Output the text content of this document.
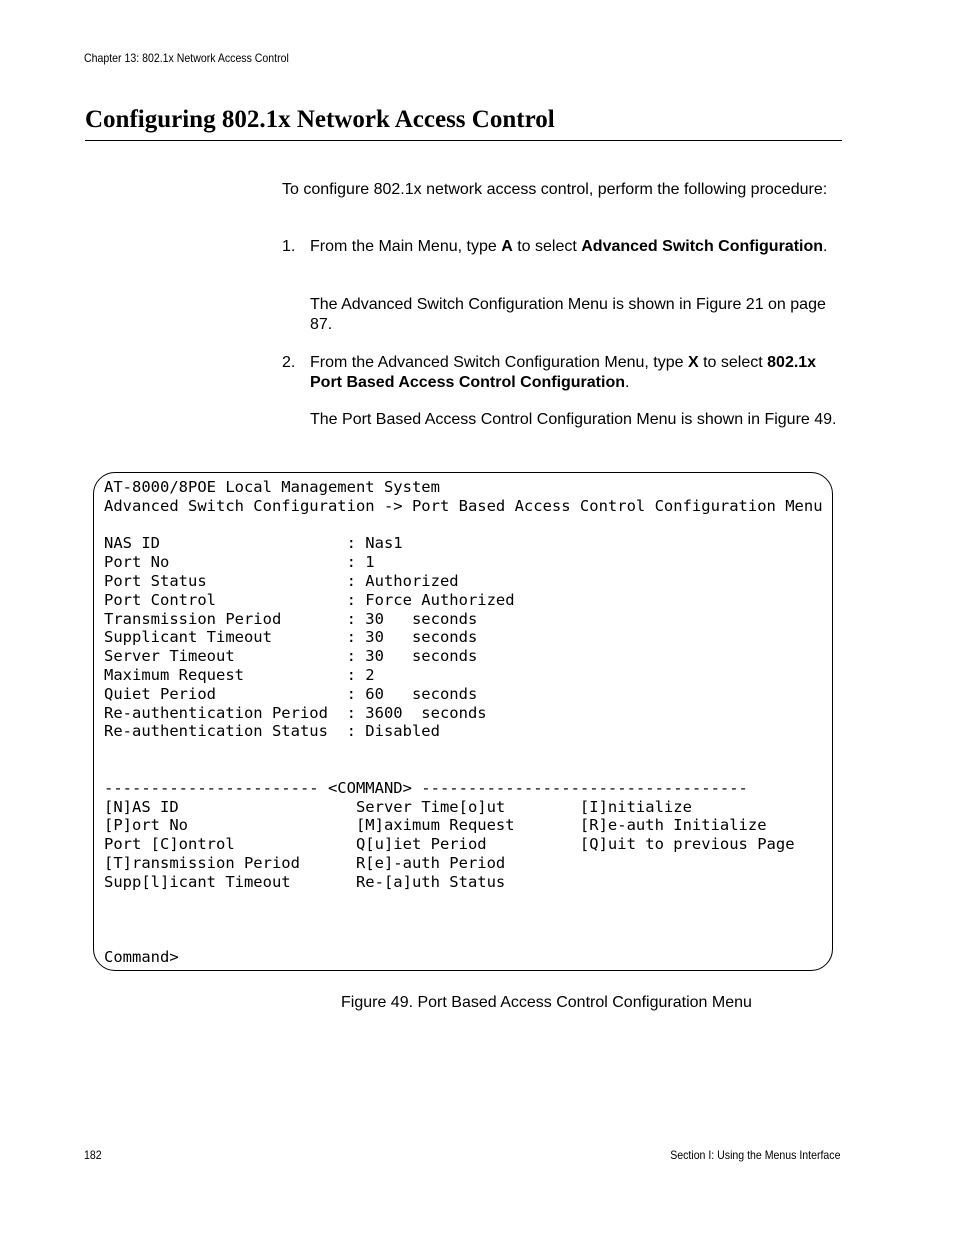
Chapter 13: 802.1x Network Access Control
Configuring 802.1x Network Access Control
To configure 802.1x network access control, perform the following procedure:
1. From the Main Menu, type A to select Advanced Switch Configuration.
The Advanced Switch Configuration Menu is shown in Figure 21 on page 87.
2. From the Advanced Switch Configuration Menu, type X to select 802.1x Port Based Access Control Configuration.
The Port Based Access Control Configuration Menu is shown in Figure 49.
AT-8000/8POE Local Management System
Advanced Switch Configuration -> Port Based Access Control Configuration Menu
NAS ID                    : Nas1
Port No                   : 1
Port Status               : Authorized
Port Control              : Force Authorized
Transmission Period       : 30   seconds
Supplicant Timeout        : 30   seconds
Server Timeout            : 30   seconds
Maximum Request           : 2
Quiet Period              : 60   seconds
Re-authentication Period  : 3600  seconds
Re-authentication Status  : Disabled
----------------------- <COMMAND> -----------------------------------
[N]AS ID                   Server Time[o]ut        [I]nitialize
[P]ort No                  [M]aximum Request       [R]e-auth Initialize
Port [C]ontrol             Q[u]iet Period          [Q]uit to previous Page
[T]ransmission Period      R[e]-auth Period
Supp[l]icant Timeout       Re-[a]uth Status
Command>
Figure 49. Port Based Access Control Configuration Menu
182	Section I: Using the Menus Interface
